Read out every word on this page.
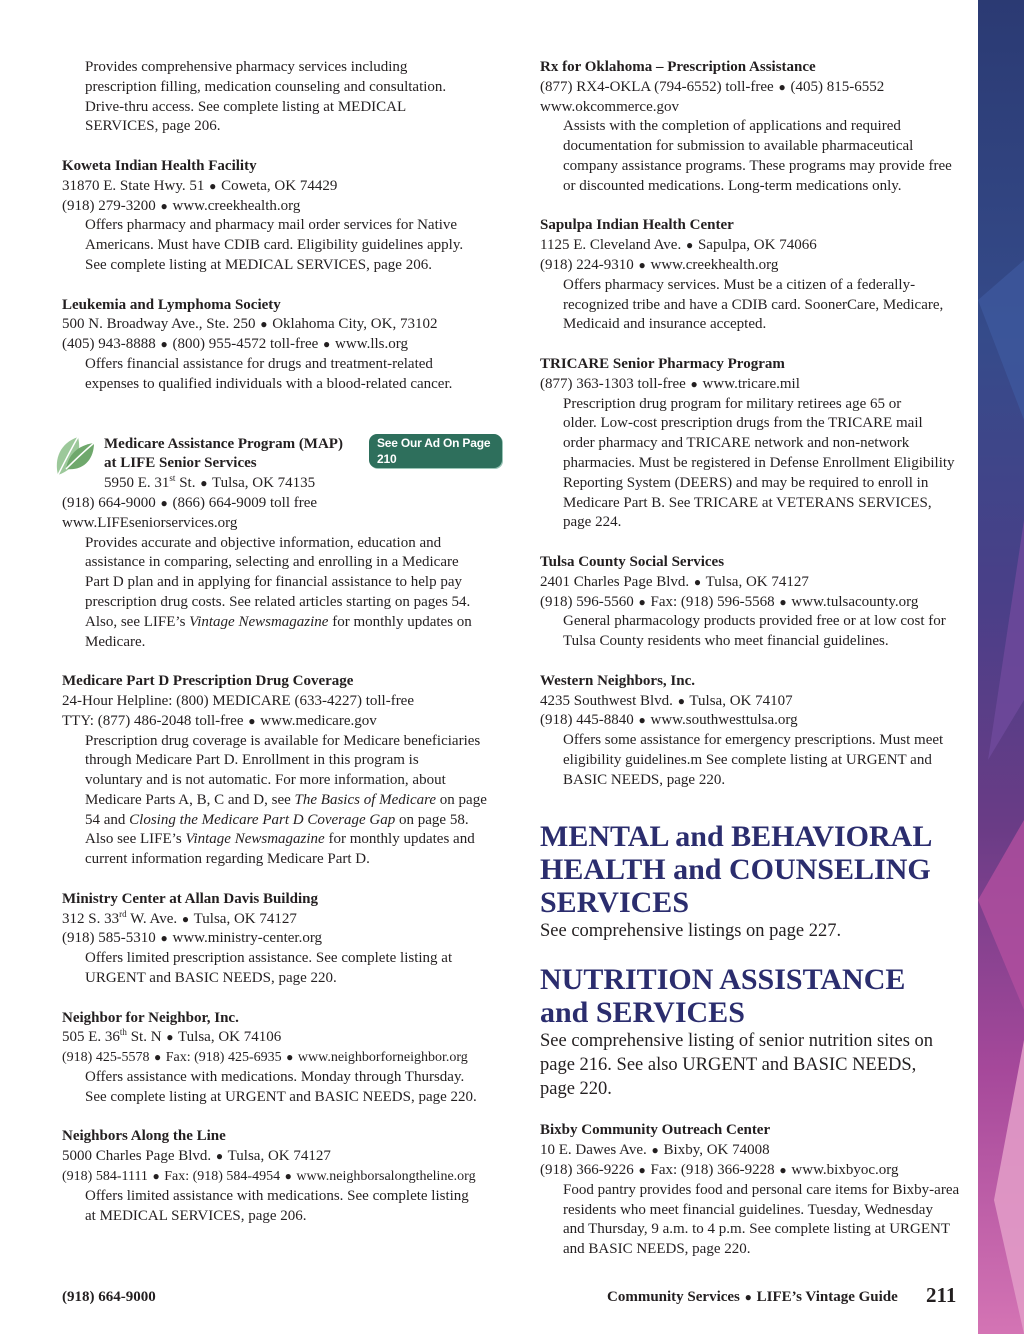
Provides comprehensive pharmacy services including
prescription filling, medication counseling and consultation.
Drive-thru access. See complete listing at MEDICAL
SERVICES, page 206.
Koweta Indian Health Facility
31870 E. State Hwy. 51 ● Coweta, OK 74429
(918) 279-3200 ● www.creekhealth.org
Offers pharmacy and pharmacy mail order services for Native
Americans. Must have CDIB card. Eligibility guidelines apply.
See complete listing at MEDICAL SERVICES, page 206.
Leukemia and Lymphoma Society
500 N. Broadway Ave., Ste. 250 ● Oklahoma City, OK, 73102
(405) 943-8888 ● (800) 955-4572 toll-free ● www.lls.org
Offers financial assistance for drugs and treatment-related
expenses to qualified individuals with a blood-related cancer.
Medicare Assistance Program (MAP)
at LIFE Senior Services
5950 E. 31st St. ● Tulsa, OK 74135
See Our Ad On Page 210
(918) 664-9000 ● (866) 664-9009 toll free
www.LIFEseniorservices.org
Provides accurate and objective information, education and
assistance in comparing, selecting and enrolling in a Medicare
Part D plan and in applying for financial assistance to help pay
prescription drug costs. See related articles starting on pages 54.
Also, see LIFE’s Vintage Newsmagazine for monthly updates on
Medicare.
Medicare Part D Prescription Drug Coverage
24-Hour Helpline: (800) MEDICARE (633-4227) toll-free
TTY: (877) 486-2048 toll-free ● www.medicare.gov
Prescription drug coverage is available for Medicare beneficiaries
through Medicare Part D. Enrollment in this program is
voluntary and is not automatic. For more information, about
Medicare Parts A, B, C and D, see The Basics of Medicare on page
54 and Closing the Medicare Part D Coverage Gap on page 58.
Also see LIFE’s Vintage Newsmagazine for monthly updates and
current information regarding Medicare Part D.
Ministry Center at Allan Davis Building
312 S. 33rd W. Ave. ● Tulsa, OK 74127
(918) 585-5310 ● www.ministry-center.org
Offers limited prescription assistance. See complete listing at
URGENT and BASIC NEEDS, page 220.
Neighbor for Neighbor, Inc.
505 E. 36th St. N ● Tulsa, OK 74106
(918) 425-5578 ● Fax: (918) 425-6935 ● www.neighborforneighbor.org
Offers assistance with medications. Monday through Thursday.
See complete listing at URGENT and BASIC NEEDS, page 220.
Neighbors Along the Line
5000 Charles Page Blvd. ● Tulsa, OK 74127
(918) 584-1111 ● Fax: (918) 584-4954 ● www.neighborsalongtheline.org
Offers limited assistance with medications. See complete listing
at MEDICAL SERVICES, page 206.
Rx for Oklahoma – Prescription Assistance
(877) RX4-OKLA (794-6552) toll-free ● (405) 815-6552
www.okcommerce.gov
Assists with the completion of applications and required
documentation for submission to available pharmaceutical
company assistance programs. These programs may provide free
or discounted medications. Long-term medications only.
Sapulpa Indian Health Center
1125 E. Cleveland Ave. ● Sapulpa, OK 74066
(918) 224-9310 ● www.creekhealth.org
Offers pharmacy services. Must be a citizen of a federally-
recognized tribe and have a CDIB card. SoonerCare, Medicare,
Medicaid and insurance accepted.
TRICARE Senior Pharmacy Program
(877) 363-1303 toll-free ● www.tricare.mil
Prescription drug program for military retirees age 65 or
older. Low-cost prescription drugs from the TRICARE mail
order pharmacy and TRICARE network and non-network
pharmacies. Must be registered in Defense Enrollment Eligibility
Reporting System (DEERS) and may be required to enroll in
Medicare Part B. See TRICARE at VETERANS SERVICES,
page 224.
Tulsa County Social Services
2401 Charles Page Blvd. ● Tulsa, OK 74127
(918) 596-5560 ● Fax: (918) 596-5568 ● www.tulsacounty.org
General pharmacology products provided free or at low cost for
Tulsa County residents who meet financial guidelines.
Western Neighbors, Inc.
4235 Southwest Blvd. ● Tulsa, OK 74107
(918) 445-8840 ● www.southwesttulsa.org
Offers some assistance for emergency prescriptions. Must meet
eligibility guidelines.m See complete listing at URGENT and
BASIC NEEDS, page 220.
MENTAL and BEHAVIORAL
HEALTH and COUNSELING
SERVICES
See comprehensive listings on page 227.
NUTRITION ASSISTANCE
and SERVICES
See comprehensive listing of senior nutrition sites on
page 216. See also URGENT and BASIC NEEDS,
page 220.
Bixby Community Outreach Center
10 E. Dawes Ave. ● Bixby, OK 74008
(918) 366-9226 ● Fax: (918) 366-9228 ● www.bixbyoc.org
Food pantry provides food and personal care items for Bixby-area
residents who meet financial guidelines. Tuesday, Wednesday
and Thursday, 9 a.m. to 4 p.m. See complete listing at URGENT
and BASIC NEEDS, page 220.
(918) 664-9000	Community Services ● LIFE’s Vintage Guide 211
